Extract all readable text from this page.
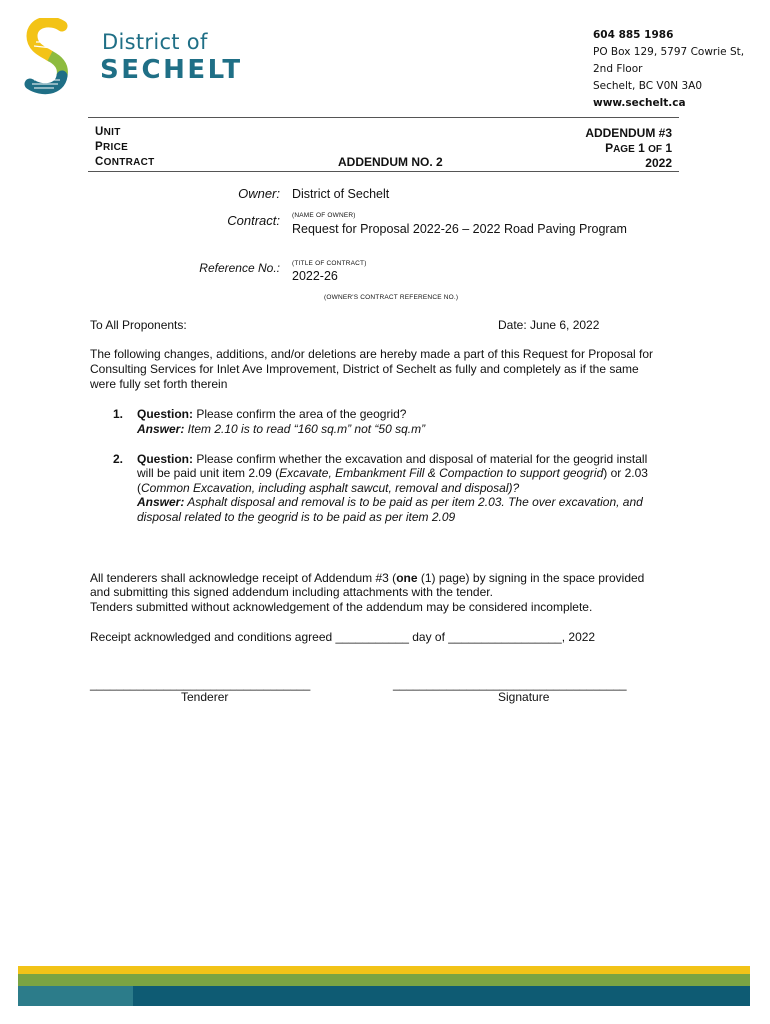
District of
SECHELT
604 885 1986
PO Box 129, 5797 Cowrie St,
2nd Floor
Sechelt, BC V0N 3A0
www.sechelt.ca
UNIT
PRICE
CONTRACT	ADDENDUM NO. 2
ADDENDUM #3
PAGE 1 OF 1
2022
Owner: District of Sechelt
(NAME OF OWNER)
Contract:
Request for Proposal 2022-26 – 2022 Road Paving Program
Reference No.: (TITLE OF CONTRACT)
2022-26
(OWNER'S CONTRACT REFERENCE NO.)
To All Proponents:	Date: June 6, 2022
The following changes, additions, and/or deletions are hereby made a part of this Request for Proposal for
Consulting Services for Inlet Ave Improvement, District of Sechelt as fully and completely as if the same
were fully set forth therein
1. Question: Please confirm the area of the geogrid?
Answer: Item 2.10 is to read “160 sq.m” not “50 sq.m”
2. Question: Please confirm whether the excavation and disposal of material for the geogrid install
will be paid unit item 2.09 (Excavate, Embankment Fill & Compaction to support geogrid) or 2.03
(Common Excavation, including asphalt sawcut, removal and disposal)?
Answer: Asphalt disposal and removal is to be paid as per item 2.03. The over excavation, and
disposal related to the geogrid is to be paid as per item 2.09
All tenderers shall acknowledge receipt of Addendum #3 (one (1) page) by signing in the space provided
and submitting this signed addendum including attachments with the tender.
Tenders submitted without acknowledgement of the addendum may be considered incomplete.
Receipt acknowledged and conditions agreed ___________ day of _________________, 2022
_________________________________
Tenderer
___________________________________
Signature
